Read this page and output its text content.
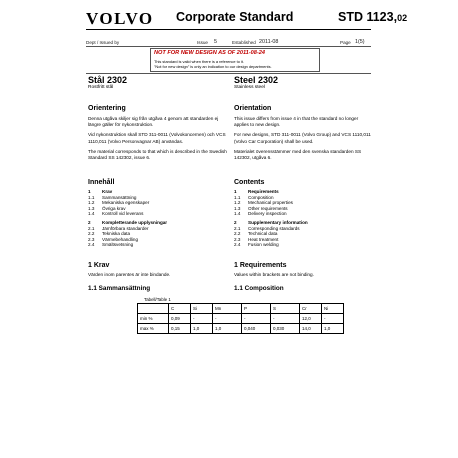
VOLVO Corporate Standard	STD 1123,02
Dept / Issued by	Issue 5	Established 2011-08	Page 1(5)
NOT FOR NEW DESIGN AS OF 2011-08-24
This standard is valid when there is a reference to it.
"Not for new design" is only an indication to our design departments.
Stål 2302
Rostfritt stål
Orientering
Denna utgåva skiljer sig från utgåva 4 genom att standarden ej längre gäller för nykonstruktion.
Vid nykonstruktion skall STD 311-0011 (Volvokoncernen) och VCS 1110,011 (Volvo Personvagnar AB) användas.
The material corresponds to that which is described in the Swedish Standard SS 142302, issue 6.
Innehåll
1 Krav
1.1 Sammansättning
1.2 Mekaniska egenskaper
1.3 Övriga krav
1.4 Kontroll vid leverans
2 Kompletterande upplysningar
2.1 Jämförbara standarder
2.2 Tekniska data
2.3 Värmebehandling
2.4 Smältsvetsning
1 Krav
Värden inom parentes är inte bindande.
1.1 Sammansättning
Steel 2302
Stainless steel
Orientation
This issue differs from issue 4 in that the standard no longer applies to new design.
For new designs, STD 311-0011 (Volvo Group) and VCS 1110,011 (Volvo Car Corporation) shall be used.
Materialet överensstämmer med den svenska standarden SS 142302, utgåva 6.
Contents
1 Requirements
1.1 Composition
1.2 Mechanical properties
1.3 Other requirements
1.4 Delivery inspection
2 Supplementary information
2.1 Corresponding standards
2.2 Technical data
2.3 Heat treatment
2.4 Fusion welding
1 Requirements
Values within brackets are not binding.
1.1 Composition
Tabell/Table 1
	C	Si	Mn	P	S	Cr	Ni
min %	0,09	-	-	-	-	12,0	-
max %	0,15	1,0	1,0	0,040	0,030	14,0	1,0
